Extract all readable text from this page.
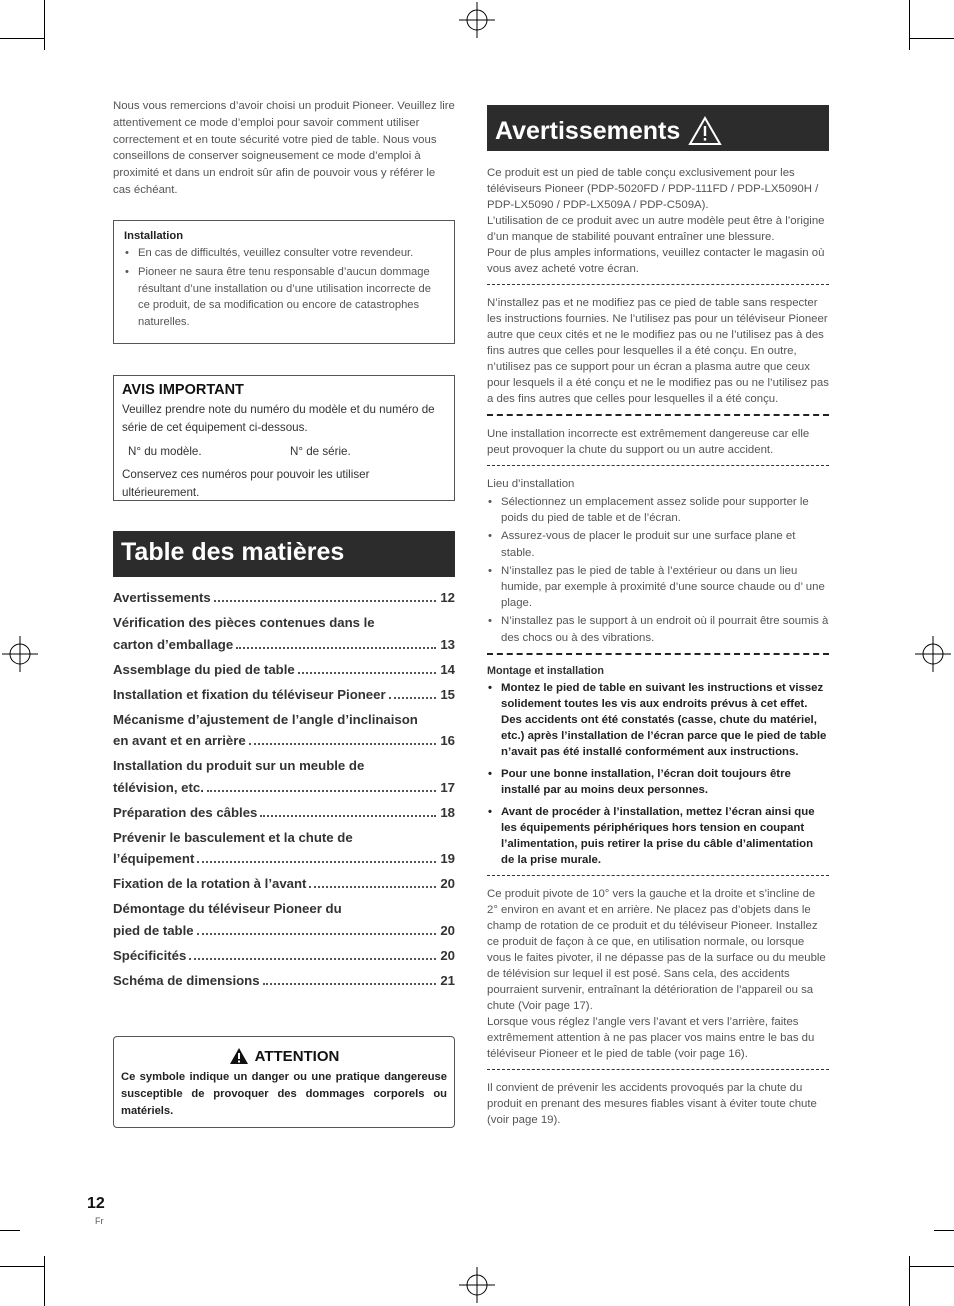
Nous vous remercions d’avoir choisi un produit Pioneer. Veuillez lire attentivement ce mode d’emploi pour savoir comment utiliser correctement et en toute sécurité votre pied de table. Nous vous conseillons de conserver soigneusement ce mode d’emploi à proximité et dans un endroit sûr afin de pouvoir vous y référer le cas échéant.

Installation

• En cas de difficultés, veuillez consulter votre revendeur.
• Pioneer ne saura être tenu responsable d’aucun dommage résultant d’une installation ou d’une utilisation incorrecte de ce produit, de sa modification ou encore de catastrophes naturelles.

AVIS IMPORTANT

Veuillez prendre note du numéro du modèle et du numéro de série de cet équipement ci-dessous.

N° du modèle.	N° de série.

Conservez ces numéros pour pouvoir les utiliser ultérieurement.

Table des matières
Avertissements	12
Vérification des pièces contenues dans le
carton d’emballage	13
Assemblage du pied de table	14
Installation et fixation du téléviseur Pioneer	15
Mécanisme d’ajustement de l’angle d’inclinaison
en avant et en arrière	16
Installation du produit sur un meuble de
télévision, etc.	17
Préparation des câbles	18
Prévenir le basculement et la chute de
l’équipement	19
Fixation de la rotation à l’avant	20
Démontage du téléviseur Pioneer du
pied de table	20
Spécificités	20
Schéma de dimensions	21
ATTENTION

Ce symbole indique un danger ou une pratique dangereuse susceptible de provoquer des dommages corporels ou matériels.

Avertissements

Ce produit est un pied de table conçu exclusivement pour les téléviseurs Pioneer (PDP-5020FD / PDP-111FD / PDP-LX5090H / PDP-LX5090 / PDP-LX509A / PDP-C509A).

L’utilisation de ce produit avec un autre modèle peut être à l’origine d’un manque de stabilité pouvant entraîner une blessure.

Pour de plus amples informations, veuillez contacter le magasin où vous avez acheté votre écran.

N’installez pas et ne modifiez pas ce pied de table sans respecter les instructions fournies. Ne l’utilisez pas pour un téléviseur Pioneer autre que ceux cités et ne le modifiez pas ou ne l’utilisez pas à des fins autres que celles pour lesquelles il a été conçu. En outre, n’utilisez pas ce support pour un écran a plasma autre que ceux pour lesquels il a été conçu et ne le modifiez pas ou ne l’utilisez pas a des fins autres que celles pour lesquelles il a été conçu.

Une installation incorrecte est extrêmement dangereuse car elle peut provoquer la chute du support ou un autre accident.

Lieu d’installation

• Sélectionnez un emplacement assez solide pour supporter le poids du pied de table et de l’écran.
• Assurez-vous de placer le produit sur une surface plane et stable.
• N’installez pas le pied de table à l’extérieur ou dans un lieu humide, par exemple à proximité d’une source chaude ou d’ une plage.
• N’installez pas le support à un endroit où il pourrait être soumis à des chocs ou à des vibrations.

Montage et installation

• Montez le pied de table en suivant les instructions et vissez solidement toutes les vis aux endroits prévus à cet effet.
Des accidents ont été constatés (casse, chute du matériel, etc.) après l’installation de l’écran parce que le pied de table n’avait pas été installé conformément aux instructions.
• Pour une bonne installation, l’écran doit toujours être installé par au moins deux personnes.
• Avant de procéder à l’installation, mettez l’écran ainsi que les équipements périphériques hors tension en coupant l’alimentation, puis retirer la prise du câble d’alimentation de la prise murale.

Ce produit pivote de 10° vers la gauche et la droite et s’incline de 2° environ en avant et en arrière. Ne placez pas d’objets dans le champ de rotation de ce produit et du téléviseur Pioneer. Installez ce produit de façon à ce que, en utilisation normale, ou lorsque vous le faites pivoter, il ne dépasse pas de la surface ou du meuble de télévision sur lequel il est posé. Sans cela, des accidents pourraient survenir, entraînant la détérioration de l’appareil ou sa chute (Voir page 17).

Lorsque vous réglez l’angle vers l’avant et vers l’arrière, faites extrêmement attention à ne pas placer vos mains entre le bas du téléviseur Pioneer et le pied de table (voir page 16).

Il convient de prévenir les accidents provoqués par la chute du produit en prenant des mesures fiables visant à éviter toute chute (voir page 19).

12
Fr
